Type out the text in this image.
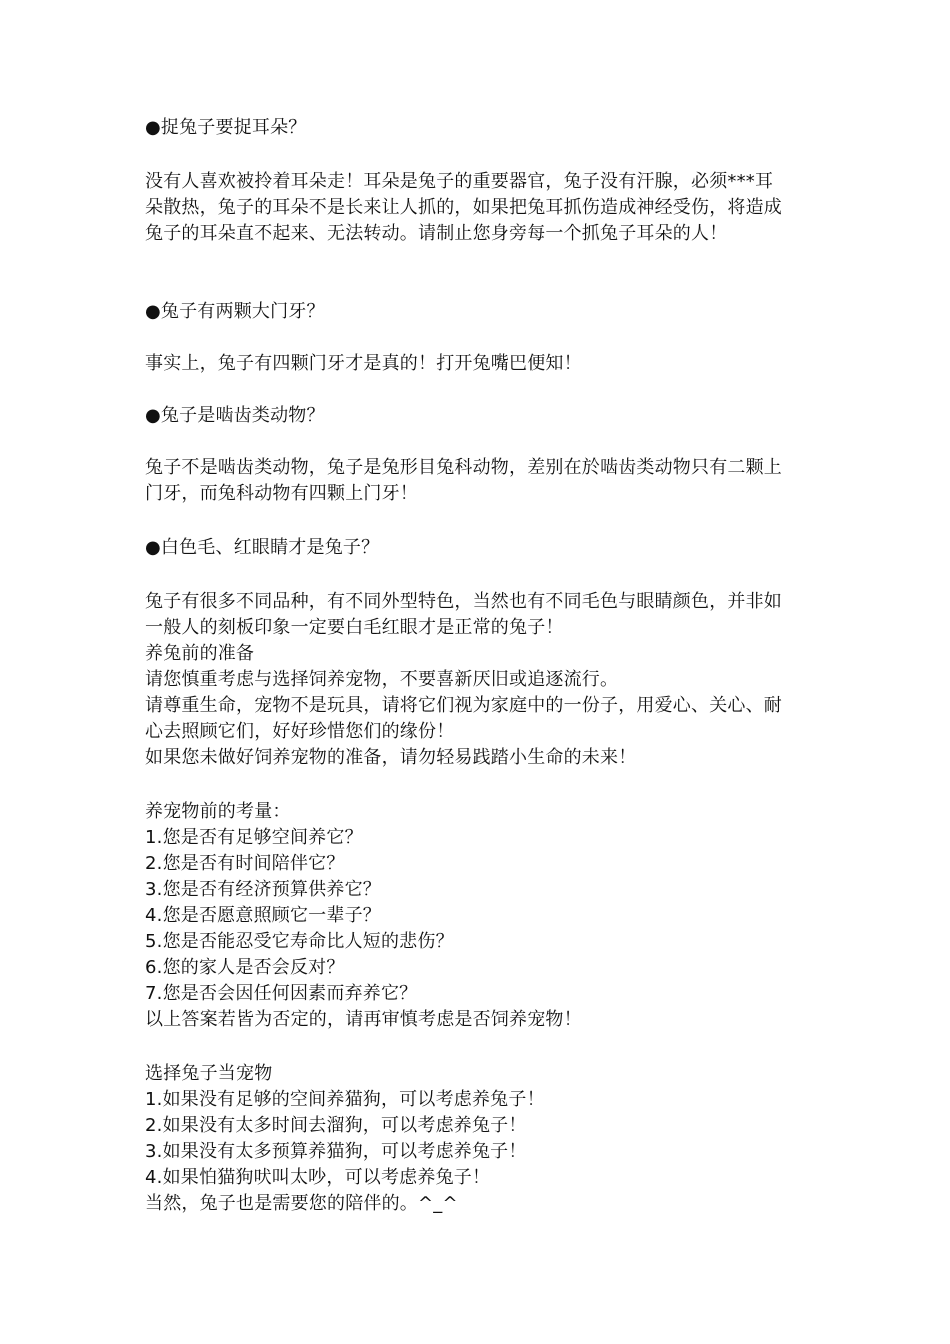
●捉兔子要捉耳朵？
没有人喜欢被拎着耳朵走！耳朵是兔子的重要器官，兔子没有汗腺，必须***耳
朵散热，兔子的耳朵不是长来让人抓的，如果把兔耳抓伤造成神经受伤，将造成
兔子的耳朵直不起来、无法转动。请制止您身旁每一个抓兔子耳朵的人！
●兔子有两颗大门牙？
事实上，兔子有四颗门牙才是真的！打开兔嘴巴便知！
●兔子是啮齿类动物？
兔子不是啮齿类动物，兔子是兔形目兔科动物，差别在於啮齿类动物只有二颗上
门牙，而兔科动物有四颗上门牙！
●白色毛、红眼睛才是兔子？
兔子有很多不同品种，有不同外型特色，当然也有不同毛色与眼睛颜色，并非如
一般人的刻板印象一定要白毛红眼才是正常的兔子！
养兔前的准备
请您慎重考虑与选择饲养宠物，不要喜新厌旧或追逐流行。
请尊重生命，宠物不是玩具，请将它们视为家庭中的一份子，用爱心、关心、耐
心去照顾它们，好好珍惜您们的缘份！
如果您未做好饲养宠物的准备，请勿轻易践踏小生命的未来！
养宠物前的考量：
1.您是否有足够空间养它？
2.您是否有时间陪伴它？
3.您是否有经济预算供养它？
4.您是否愿意照顾它一辈子？
5.您是否能忍受它寿命比人短的悲伤？
6.您的家人是否会反对？
7.您是否会因任何因素而弃养它？
以上答案若皆为否定的，请再审慎考虑是否饲养宠物！
选择兔子当宠物
1.如果没有足够的空间养猫狗，可以考虑养兔子！
2.如果没有太多时间去溜狗，可以考虑养兔子！
3.如果没有太多预算养猫狗，可以考虑养兔子！
4.如果怕猫狗吠叫太吵，可以考虑养兔子！
当然，兔子也是需要您的陪伴的。^_^
